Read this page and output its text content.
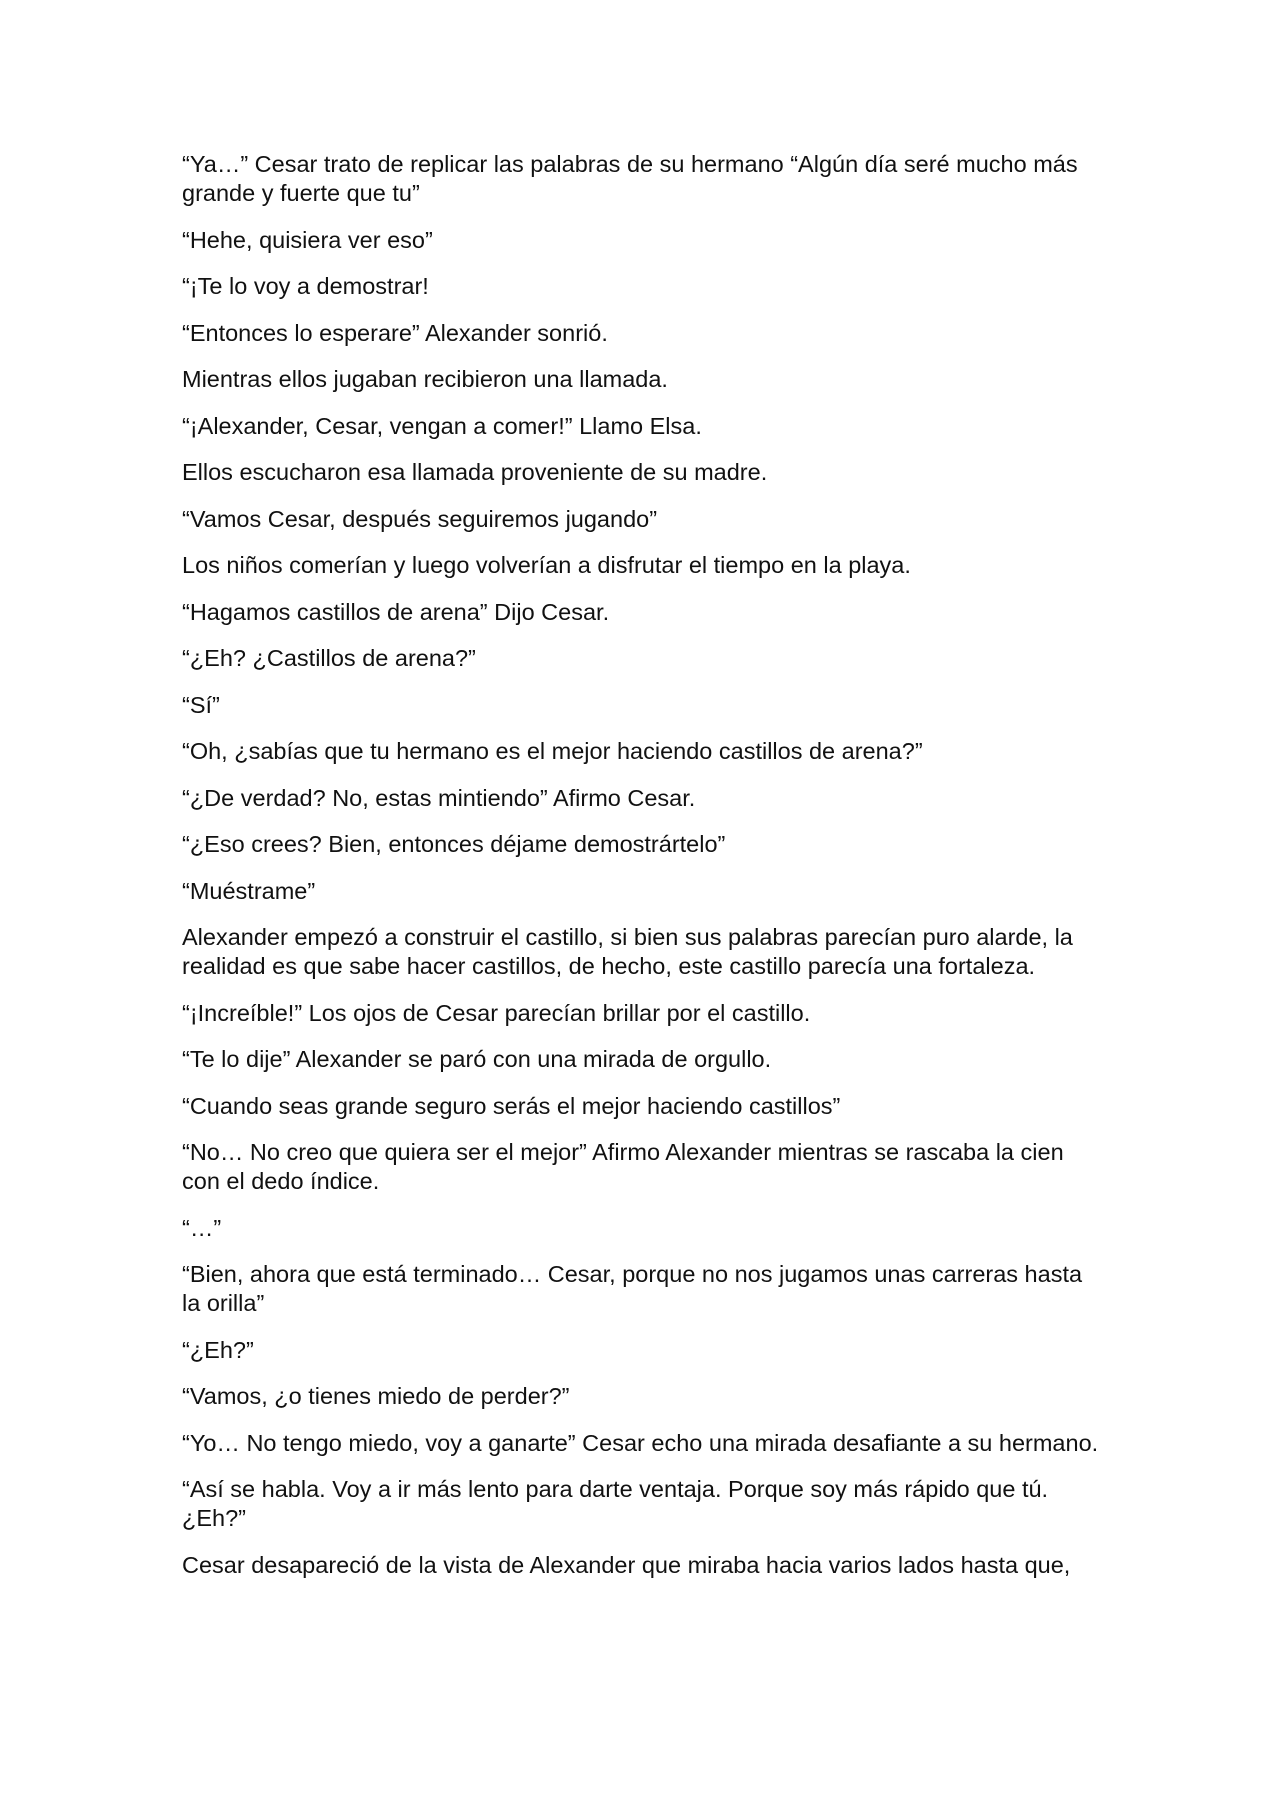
“Ya…” Cesar trato de replicar las palabras de su hermano “Algún día seré mucho más grande y fuerte que tu”

“Hehe, quisiera ver eso”

“¡Te lo voy a demostrar!

“Entonces lo esperare” Alexander sonrió.

Mientras ellos jugaban recibieron una llamada.

“¡Alexander, Cesar, vengan a comer!” Llamo Elsa.

Ellos escucharon esa llamada proveniente de su madre.

“Vamos Cesar, después seguiremos jugando”

Los niños comerían y luego volverían a disfrutar el tiempo en la playa.

“Hagamos castillos de arena” Dijo Cesar.

“¿Eh? ¿Castillos de arena?”

“Sí”

“Oh, ¿sabías que tu hermano es el mejor haciendo castillos de arena?”

“¿De verdad? No, estas mintiendo” Afirmo Cesar.

“¿Eso crees? Bien, entonces déjame demostrártelo”

“Muéstrame”

Alexander empezó a construir el castillo, si bien sus palabras parecían puro alarde, la realidad es que sabe hacer castillos, de hecho, este castillo parecía una fortaleza.

“¡Increíble!” Los ojos de Cesar parecían brillar por el castillo.

“Te lo dije” Alexander se paró con una mirada de orgullo.

“Cuando seas grande seguro serás el mejor haciendo castillos”

“No… No creo que quiera ser el mejor” Afirmo Alexander mientras se rascaba la cien con el dedo índice.

“…”

“Bien, ahora que está terminado… Cesar, porque no nos jugamos unas carreras hasta la orilla”

“¿Eh?”

“Vamos, ¿o tienes miedo de perder?”

“Yo… No tengo miedo, voy a ganarte” Cesar echo una mirada desafiante a su hermano.

“Así se habla. Voy a ir más lento para darte ventaja. Porque soy más rápido que tú. ¿Eh?”

Cesar desapareció de la vista de Alexander que miraba hacia varios lados hasta que,
